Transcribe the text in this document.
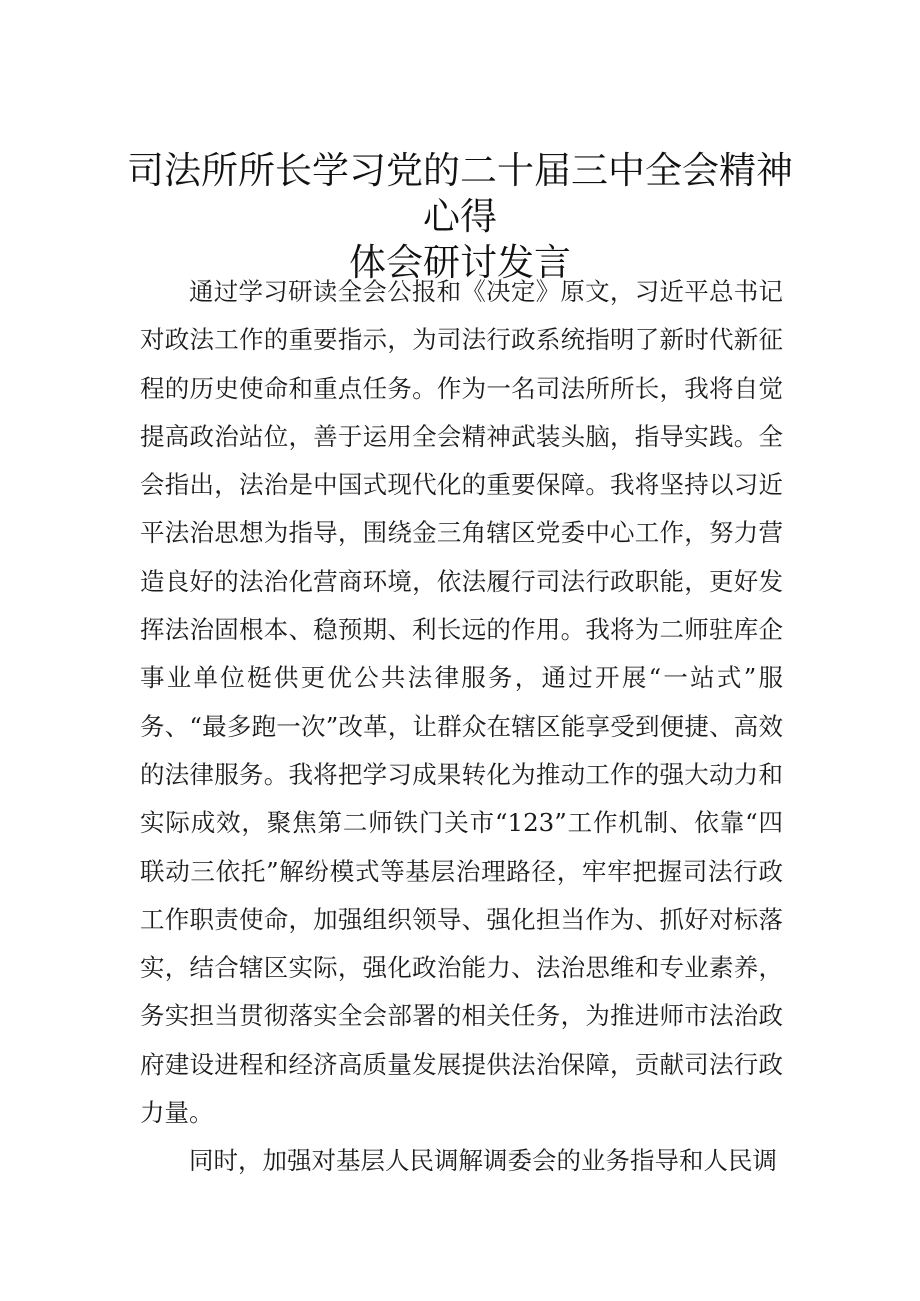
司法所所长学习党的二十届三中全会精神心得
体会研讨发言

通过学习研读全会公报和《决定》原文，习近平总书记对政法工作的重要指示，为司法行政系统指明了新时代新征程的历史使命和重点任务。作为一名司法所所长，我将自觉提高政治站位，善于运用全会精神武装头脑，指导实践。全会指出，法治是中国式现代化的重要保障。我将坚持以习近平法治思想为指导，围绕金三角辖区党委中心工作，努力营造良好的法治化营商环境，依法履行司法行政职能，更好发挥法治固根本、稳预期、利长远的作用。我将为二师驻库企事业单位梃供更优公共法律服务，通过开展“一站式”服务、“最多跑一次”改革，让群众在辖区能享受到便捷、高效的法律服务。我将把学习成果转化为推动工作的强大动力和实际成效，聚焦第二师铁门关市“123”工作机制、依靠“四联动三依托”解纷模式等基层治理路径，牢牢把握司法行政工作职责使命，加强组织领导、强化担当作为、抓好对标落实，结合辖区实际，强化政治能力、法治思维和专业素养，务实担当贯彻落实全会部署的相关任务，为推进师市法治政府建设进程和经济高质量发展提供法治保障，贡献司法行政力量。

同时，加强对基层人民调解调委会的业务指导和人民调
